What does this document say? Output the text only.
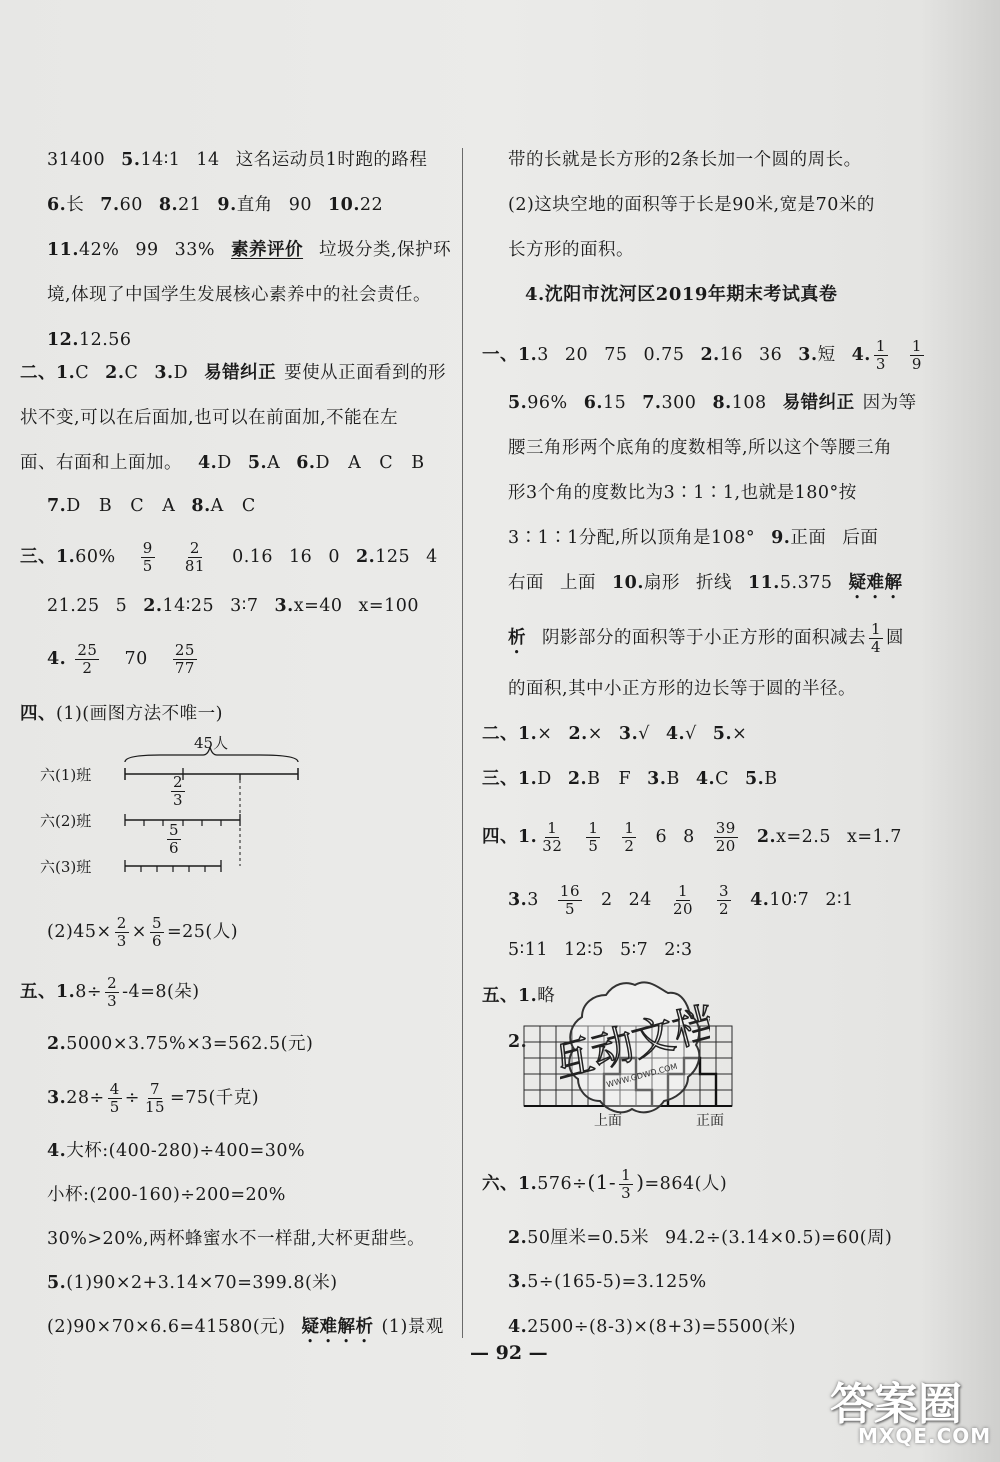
31400 5.14∶1 14 这名运动员1时跑的路程
6.长 7.60 8.21 9.直角 90 10.22
11.42% 99 33% 素养评价 垃圾分类,保护环
境,体现了中国学生发展核心素养中的社会责任。
12.12.56
二、1.C 2.C 3.D 易错纠正 要使从正面看到的形
状不变,可以在后面加,也可以在前面加,不能在左
面、右面和上面加。 4.D 5.A 6.D A C B
7.D B C A 8.A C
三、$1.60\% \frac{9}{5}$
$\frac{2}{81} 0.16$ 16 0 2.125 4
21.25 5 2.14∶25 3∶7 3.x=40 x=100
4. $\frac{25}{2} 70 \frac{25}{77}$
四、(1)(画图方法不唯一)
45人
六(1)班	$\frac{2}{3}$
六(2)班
$\frac{5}{6}$
六(3)班
$(2)45\times \frac{2}{3} \times \frac{5}{6} =25$(人)
五、$1.8\div \frac{2}{3} -4=8$(朵)
2.5000×3.75%×3=562.5(元)
$3.28\div \frac{4}{5} \div \frac{7}{15} =75$(千克)
4.大杯:(400-280)÷400=30%
小杯:(200-160)÷200=20%
30%>20%,两杯蜂蜜水不一样甜,大杯更甜些。
5.(1)90×2+3.14×70=399.8(米)
(2)90×70×6.6=41580(元) 疑难解析 (1)景观
带的长就是长方形的2条长加一个圆的周长。
(2)这块空地的面积等于长是90米,宽是70米的
长方形的面积。
4.沈阳市沈河区2019年期末考试真卷
一、1.3 20 75 0.75 2.16 36 3.短 4. $\frac{1}{3} \frac{1}{9}$
5.96% 6.15 7.300 8.108 易错纠正 因为等
腰三角形两个底角的度数相等,所以这个等腰三角
形3个角的度数比为3∶1∶1,也就是180°按
3∶1∶1分配,所以顶角是108° 9.正面 后面
右面 上面 10.扇形 折线 11.5.375 疑难解
析 阴影部分的面积等于小正方形的面积减去 $\frac{1}{4}$ 圆
的面积,其中小正方形的边长等于圆的半径。
二、1.× 2.× 3.√ 4.√ 5.×
三、1.D 2.B F 3.B 4.C 5.B
四、1. $\frac{1}{32} \frac{1}{5} \frac{1}{2} 6$ $8 \frac{39}{20} 2.x=2.5$ x=1.7
$3.3 \frac{16}{5} 2$ $24 \frac{1}{20} \frac{3}{2}$ 4.10∶7 2∶1
5∶11 12∶5 5∶7 2∶3
五、1.略
2.
上面	正面
六、$1.576\div(1- \frac{1}{3} )=864$(人)
2.50厘米=0.5米 94.2÷(3.14×0.5)=60(周)
3.5÷(165-5)=3.125%
4.2500÷(8-3)×(8+3)=5500(米)
— 92 —
互动文档
WWW.GDWD.COM
答案圈
MXQE.COM
